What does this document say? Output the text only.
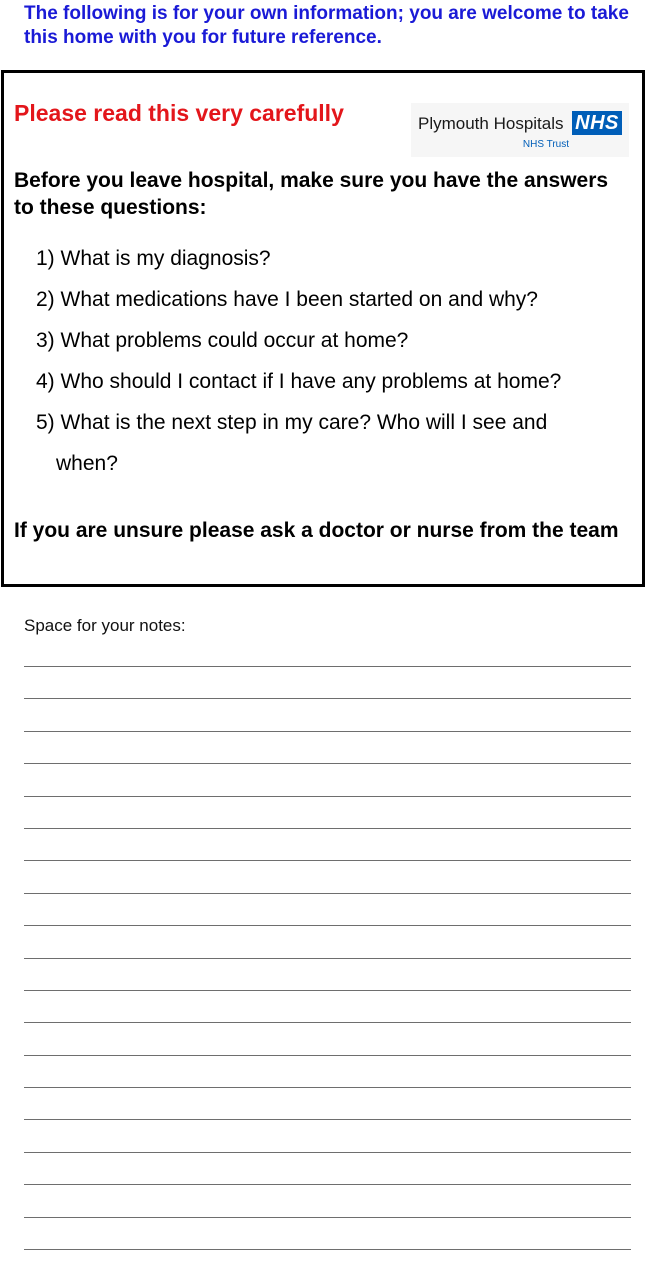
The following is for your own information; you are welcome to take this home with you for future reference.

Please read this very carefully	Plymouth Hospitals NHS
NHS Trust

Before you leave hospital, make sure you have the answers to these questions:

1) What is my diagnosis?
2) What medications have I been started on and why?
3) What problems could occur at home?
4) Who should I contact if I have any problems at home?
5) What is the next step in my care? Who will I see and
when?

If you are unsure please ask a doctor or nurse from the team

Space for your notes:
